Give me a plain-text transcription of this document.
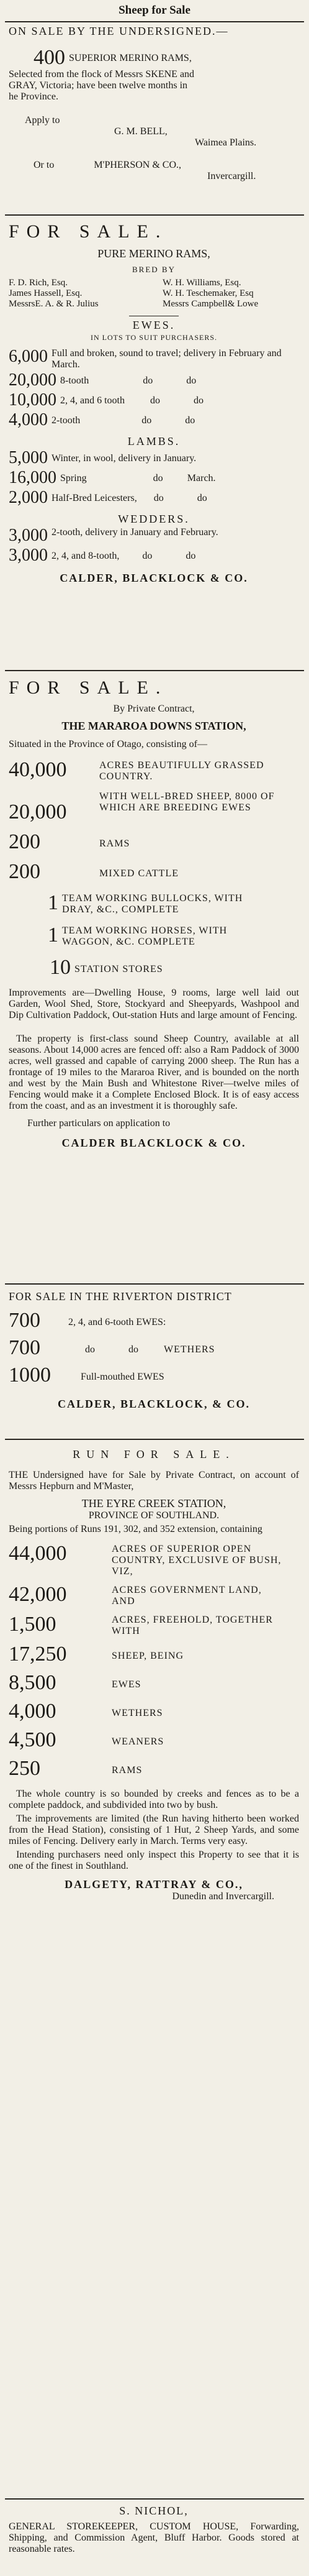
Sheep for Sale

ON SALE BY THE UNDERSIGNED.—

400 SUPERIOR MERINO RAMS,

Selected from the flock of Messrs SKENE and

GRAY, Victoria; have been twelve months in

he Province.

Apply to

G. M. BELL,

Waimea Plains.

Or to	M'PHERSON & CO.,

Invercargill.

FOR SALE.

PURE MERINO RAMS,

BRED BY

F. D. Rich, Esq.	W. H. Williams, Esq.
James Hassell, Esq.	W. H. Teschemaker, Esq
MessrsE. A. & R. Julius	Messrs Campbell& Lowe

EWES.

IN LOTS TO SUIT PURCHASERS.

6,000 Full and broken, sound to travel; delivery in February and March.
20,000 8-tooth	do	do
10,000 2, 4, and 6 tooth	do	do
4,000 2-tooth	do	do

LAMBS.

5,000 Winter, in wool, delivery in January.
16,000 Spring	do March.
2,000 Half-Bred Leicesters, do	do

WEDDERS.

3,000 2-tooth, delivery in January and February.
3,000 2, 4, and 8-tooth, do	do

CALDER, BLACKLOCK & CO.

FOR SALE.

By Private Contract,

THE MARAROA DOWNS STATION,

Situated in the Province of Otago, consisting of—

40,000	ACRES BEAUTIFULLY GRASSED COUNTRY.
20,000
WITH WELL-BRED SHEEP, 8000 OF WHICH ARE BREEDING EWES
200	RAMS
200	MIXED CATTLE
1 TEAM WORKING BULLOCKS, WITH DRAY, &C., COMPLETE
1 TEAM WORKING HORSES, WITH WAGGON, &C. COMPLETE
10 STATION STORES

Improvements are—Dwelling House, 9 rooms, large well laid out Garden, Wool Shed, Store, Stockyard and Sheepyards, Washpool and Dip Cultivation Paddock, Out-station Huts and large amount of Fencing.

The property is first-class sound Sheep Country, available at all seasons. About 14,000 acres are fenced off: also a Ram Paddock of 3000 acres, well grassed and capable of carrying 2000 sheep. The Run has a frontage of 19 miles to the Mararoa River, and is bounded on the north and west by the Main Bush and Whitestone River—twelve miles of Fencing would make it a Complete Enclosed Block. It is of easy access from the coast, and as an investment it is thoroughly safe.

Further particulars on application to

CALDER BLACKLOCK & CO.

FOR SALE IN THE RIVERTON DISTRICT

700	2, 4, and 6-tooth EWES:
700	do	do	WETHERS
1000	Full-mouthed EWES

CALDER, BLACKLOCK, & CO.

RUN FOR SALE.

THE Undersigned have for Sale by Private Contract, on account of Messrs Hepburn and M'Master,

THE EYRE CREEK STATION,

PROVINCE OF SOUTHLAND.

Being portions of Runs 191, 302, and 352 extension, containing

44,000	ACRES OF SUPERIOR OPEN COUNTRY, EXCLUSIVE OF BUSH, VIZ,
42,000	ACRES GOVERNMENT LAND, AND
1,500	ACRES, FREEHOLD, TOGETHER WITH
17,250	SHEEP, BEING
8,500	EWES
4,000	WETHERS
4,500	WEANERS
250	RAMS

The whole country is so bounded by creeks and fences as to be a complete paddock, and subdivided into two by bush.

The improvements are limited (the Run having hitherto been worked from the Head Station), consisting of 1 Hut, 2 Sheep Yards, and some miles of Fencing. Delivery early in March. Terms very easy.

Intending purchasers need only inspect this Property to see that it is one of the finest in Southland.

DALGETY, RATTRAY & CO.,

Dunedin and Invercargill.

S. NICHOL,

GENERAL STOREKEEPER, CUSTOM HOUSE, Forwarding, Shipping, and Commission Agent, Bluff Harbor. Goods stored at reasonable rates.
